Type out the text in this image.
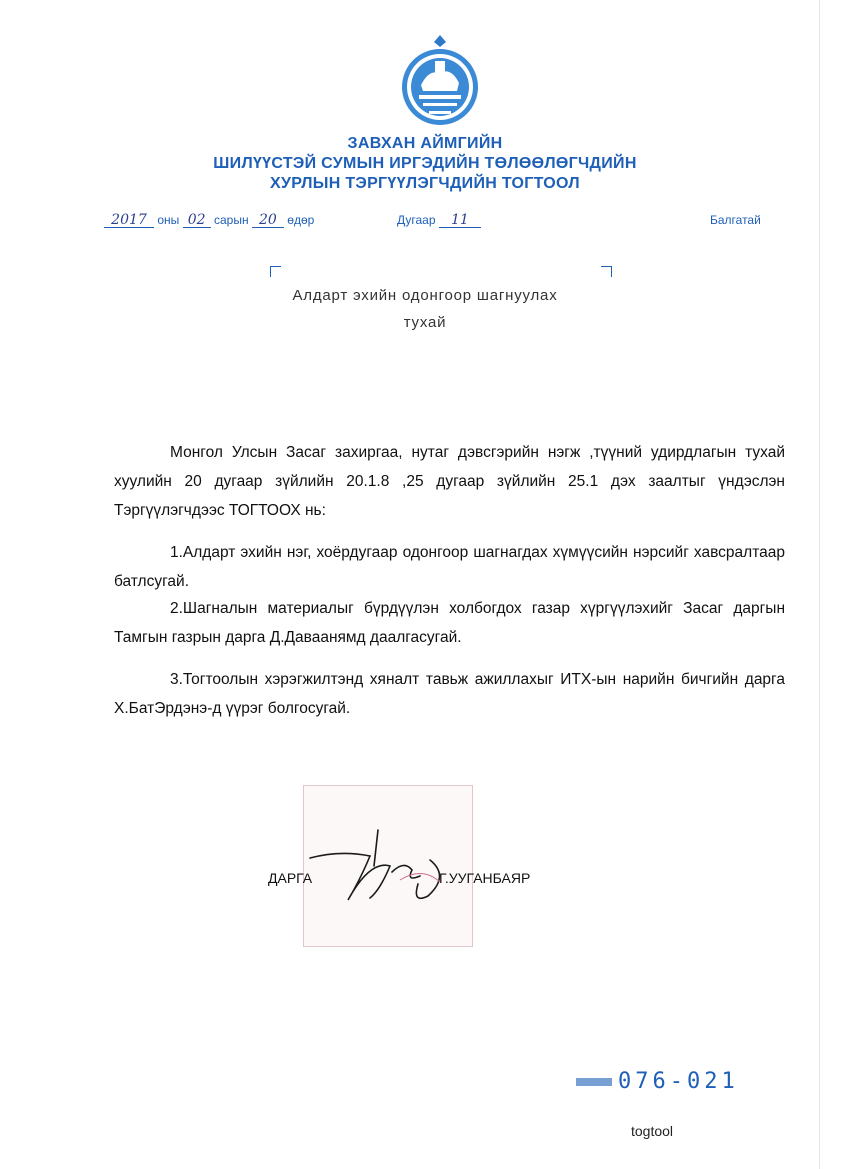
ЗАВХАН АЙМГИЙН
ШИЛҮҮСТЭЙ СУМЫН ИРГЭДИЙН ТӨЛӨӨЛӨГЧДИЙН
ХУРЛЫН ТЭРГҮҮЛЭГЧДИЙН ТОГТООЛ
2017 оны 02 сарын 20 өдөр	Дугаар 11	Балгатай
Алдарт эхийн одонгоор шагнуулах
тухай
Монгол Улсын Засаг захиргаа, нутаг дэвсгэрийн нэгж ,түүний удирдлагын тухай хуулийн 20 дугаар зүйлийн 20.1.8 ,25 дугаар зүйлийн 25.1 дэх заалтыг үндэслэн Тэргүүлэгчдээс ТОГТООХ нь:
1.Алдарт эхийн нэг, хоёрдугаар одонгоор шагнагдах хүмүүсийн нэрсийг хавсралтаар батлсугай.
2.Шагналын материалыг бүрдүүлэн холбогдох газар хүргүүлэхийг Засаг даргын Тамгын газрын дарга Д.Даваанямд даалгасугай.
3.Тогтоолын хэрэгжилтэнд хяналт тавьж ажиллахыг ИТХ-ын нарийн бичгийн дарга Х.БатЭрдэнэ-д үүрэг болгосугай.
ДАРГА	Г.УУГАНБАЯР
076-021
togtool
